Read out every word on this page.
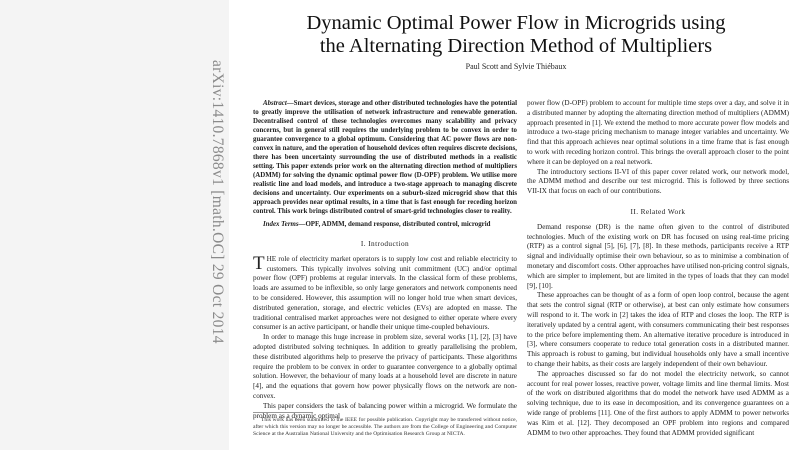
arXiv:1410.7868v1 [math.OC] 29 Oct 2014
Dynamic Optimal Power Flow in Microgrids using
the Alternating Direction Method of Multipliers
Paul Scott and Sylvie Thiébaux

Abstract—Smart devices, storage and other distributed technologies have the potential to greatly improve the utilisation of network infrastructure and renewable generation. Decentralised control of these technologies overcomes many scalability and privacy concerns, but in general still requires the underlying problem to be convex in order to guarantee convergence to a global optimum. Considering that AC power flows are non-convex in nature, and the operation of household devices often requires discrete decisions, there has been uncertainty surrounding the use of distributed methods in a realistic setting. This paper extends prior work on the alternating direction method of multipliers (ADMM) for solving the dynamic optimal power flow (D-OPF) problem. We utilise more realistic line and load models, and introduce a two-stage approach to managing discrete decisions and uncertainty. Our experiments on a suburb-sized microgrid show that this approach provides near optimal results, in a time that is fast enough for receding horizon control. This work brings distributed control of smart-grid technologies closer to reality.

Index Terms—OPF, ADMM, demand response, distributed control, microgrid

I. Introduction

THE role of electricity market operators is to supply low cost and reliable electricity to customers. This typically involves solving unit commitment (UC) and/or optimal power flow (OPF) problems at regular intervals. In the classical form of these problems, loads are assumed to be inflexible, so only large generators and network components need to be considered. However, this assumption will no longer hold true when smart devices, distributed generation, storage, and electric vehicles (EVs) are adopted en masse. The traditional centralised market approaches were not designed to either operate where every consumer is an active participant, or handle their unique time-coupled behaviours.

In order to manage this huge increase in problem size, several works [1], [2], [3] have adopted distributed solving techniques. In addition to greatly parallelising the problem, these distributed algorithms help to preserve the privacy of participants. These algorithms require the problem to be convex in order to guarantee convergence to a globally optimal solution. However, the behaviour of many loads at a household level are discrete in nature [4], and the equations that govern how power physically flows on the network are non-convex.

This paper considers the task of balancing power within a microgrid. We formulate the problem as a dynamic optimal

This work has been submitted to the IEEE for possible publication. Copyright may be transferred without notice, after which this version may no longer be accessible. The authors are from the College of Engineering and Computer Science at the Australian National University and the Optimisation Research Group at NICTA.

power flow (D-OPF) problem to account for multiple time steps over a day, and solve it in a distributed manner by adopting the alternating direction method of multipliers (ADMM) approach presented in [1]. We extend the method to more accurate power flow models and introduce a two-stage pricing mechanism to manage integer variables and uncertainty. We find that this approach achieves near optimal solutions in a time frame that is fast enough to work with receding horizon control. This brings the overall approach closer to the point where it can be deployed on a real network.

The introductory sections II-VI of this paper cover related work, our network model, the ADMM method and describe our test microgrid. This is followed by three sections VII-IX that focus on each of our contributions.

II. Related Work

Demand response (DR) is the name often given to the control of distributed technologies. Much of the existing work on DR has focused on using real-time pricing (RTP) as a control signal [5], [6], [7], [8]. In these methods, participants receive a RTP signal and individually optimise their own behaviour, so as to minimise a combination of monetary and discomfort costs. Other approaches have utilised non-pricing control signals, which are simpler to implement, but are limited in the types of loads that they can model [9], [10].

These approaches can be thought of as a form of open loop control, because the agent that sets the control signal (RTP or otherwise), at best can only estimate how consumers will respond to it. The work in [2] takes the idea of RTP and closes the loop. The RTP is iteratively updated by a central agent, with consumers communicating their best responses to the price before implementing them. An alternative iterative procedure is introduced in [3], where consumers cooperate to reduce total generation costs in a distributed manner. This approach is robust to gaming, but individual households only have a small incentive to change their habits, as their costs are largely independent of their own behaviour.

The approaches discussed so far do not model the electricity network, so cannot account for real power losses, reactive power, voltage limits and line thermal limits. Most of the work on distributed algorithms that do model the network have used ADMM as a solving technique, due to its ease in decomposition, and its convergence guarantees on a wide range of problems [11]. One of the first authors to apply ADMM to power networks was Kim et al. [12]. They decomposed an OPF problem into regions and compared ADMM to two other approaches. They found that ADMM provided significant
